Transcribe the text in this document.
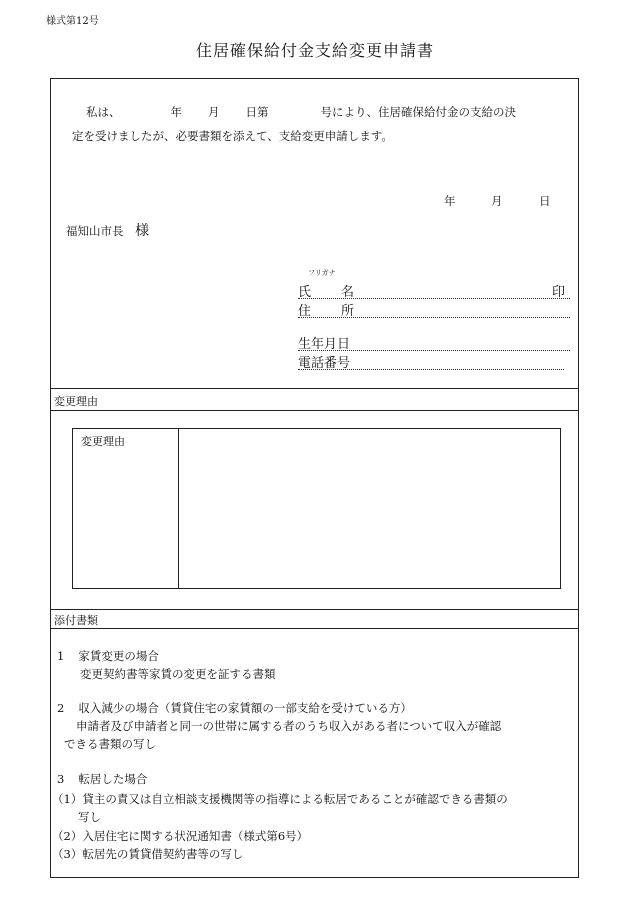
様式第12号
住居確保給付金支給変更申請書
私は、	年 月 日第	号により、住居確保給付金の支給の決
定を受けましたが、必要書類を添えて、支給変更申請します。
年	月	日
福知山市長 様
フリガナ
氏 名	印
住 所
生年月日
電話番号
変更理由
変更理由
添付書類
1 家賃変更の場合
変更契約書等家賃の変更を証する書類
2 収入減少の場合（賃貸住宅の家賃額の一部支給を受けている方）
申請者及び申請者と同一の世帯に属する者のうち収入がある者について収入が確認
できる書類の写し
3 転居した場合
（1）貸主の責又は自立相談支援機関等の指導による転居であることが確認できる書類の
写し
（2）入居住宅に関する状況通知書（様式第6号）
（3）転居先の賃貸借契約書等の写し
